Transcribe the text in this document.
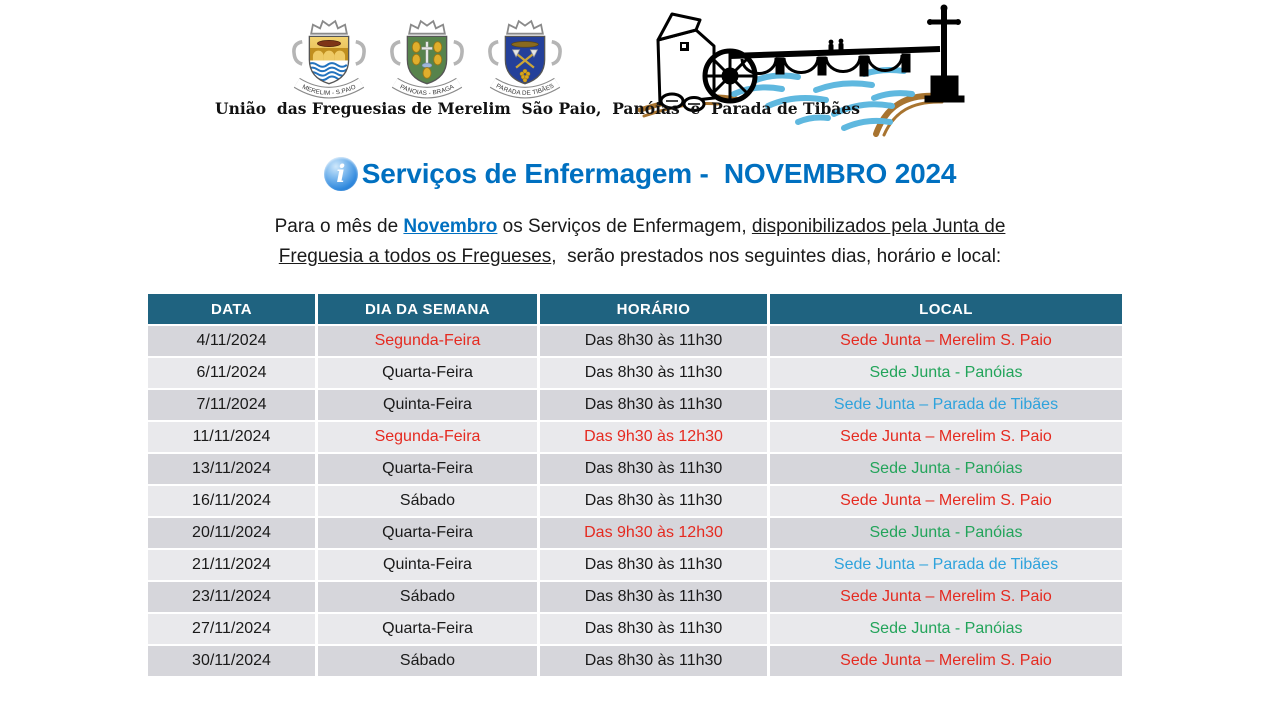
MERELIM - S.PAIO	PANOIAS - BRAGA	PARADA DE TIBÃES
União  das Freguesias de Merelim  São Paio,  Panóias  e  Parada de Tibães
i Serviços de Enfermagem -  NOVEMBRO 2024
Para o mês de Novembro os Serviços de Enfermagem, disponibilizados pela Junta de
Freguesia a todos os Fregueses,  serão prestados nos seguintes dias, horário e local:
DATA	DIA DA SEMANA	HORÁRIO	LOCAL
4/11/2024	Segunda-Feira	Das 8h30 às 11h30	Sede Junta – Merelim S. Paio
6/11/2024	Quarta-Feira	Das 8h30 às 11h30	Sede Junta - Panóias
7/11/2024	Quinta-Feira	Das 8h30 às 11h30	Sede Junta – Parada de Tibães
11/11/2024	Segunda-Feira	Das 9h30 às 12h30	Sede Junta – Merelim S. Paio
13/11/2024	Quarta-Feira	Das 8h30 às 11h30	Sede Junta - Panóias
16/11/2024	Sábado	Das 8h30 às 11h30	Sede Junta – Merelim S. Paio
20/11/2024	Quarta-Feira	Das 9h30 às 12h30	Sede Junta - Panóias
21/11/2024	Quinta-Feira	Das 8h30 às 11h30	Sede Junta – Parada de Tibães
23/11/2024	Sábado	Das 8h30 às 11h30	Sede Junta – Merelim S. Paio
27/11/2024	Quarta-Feira	Das 8h30 às 11h30	Sede Junta - Panóias
30/11/2024	Sábado	Das 8h30 às 11h30	Sede Junta – Merelim S. Paio
